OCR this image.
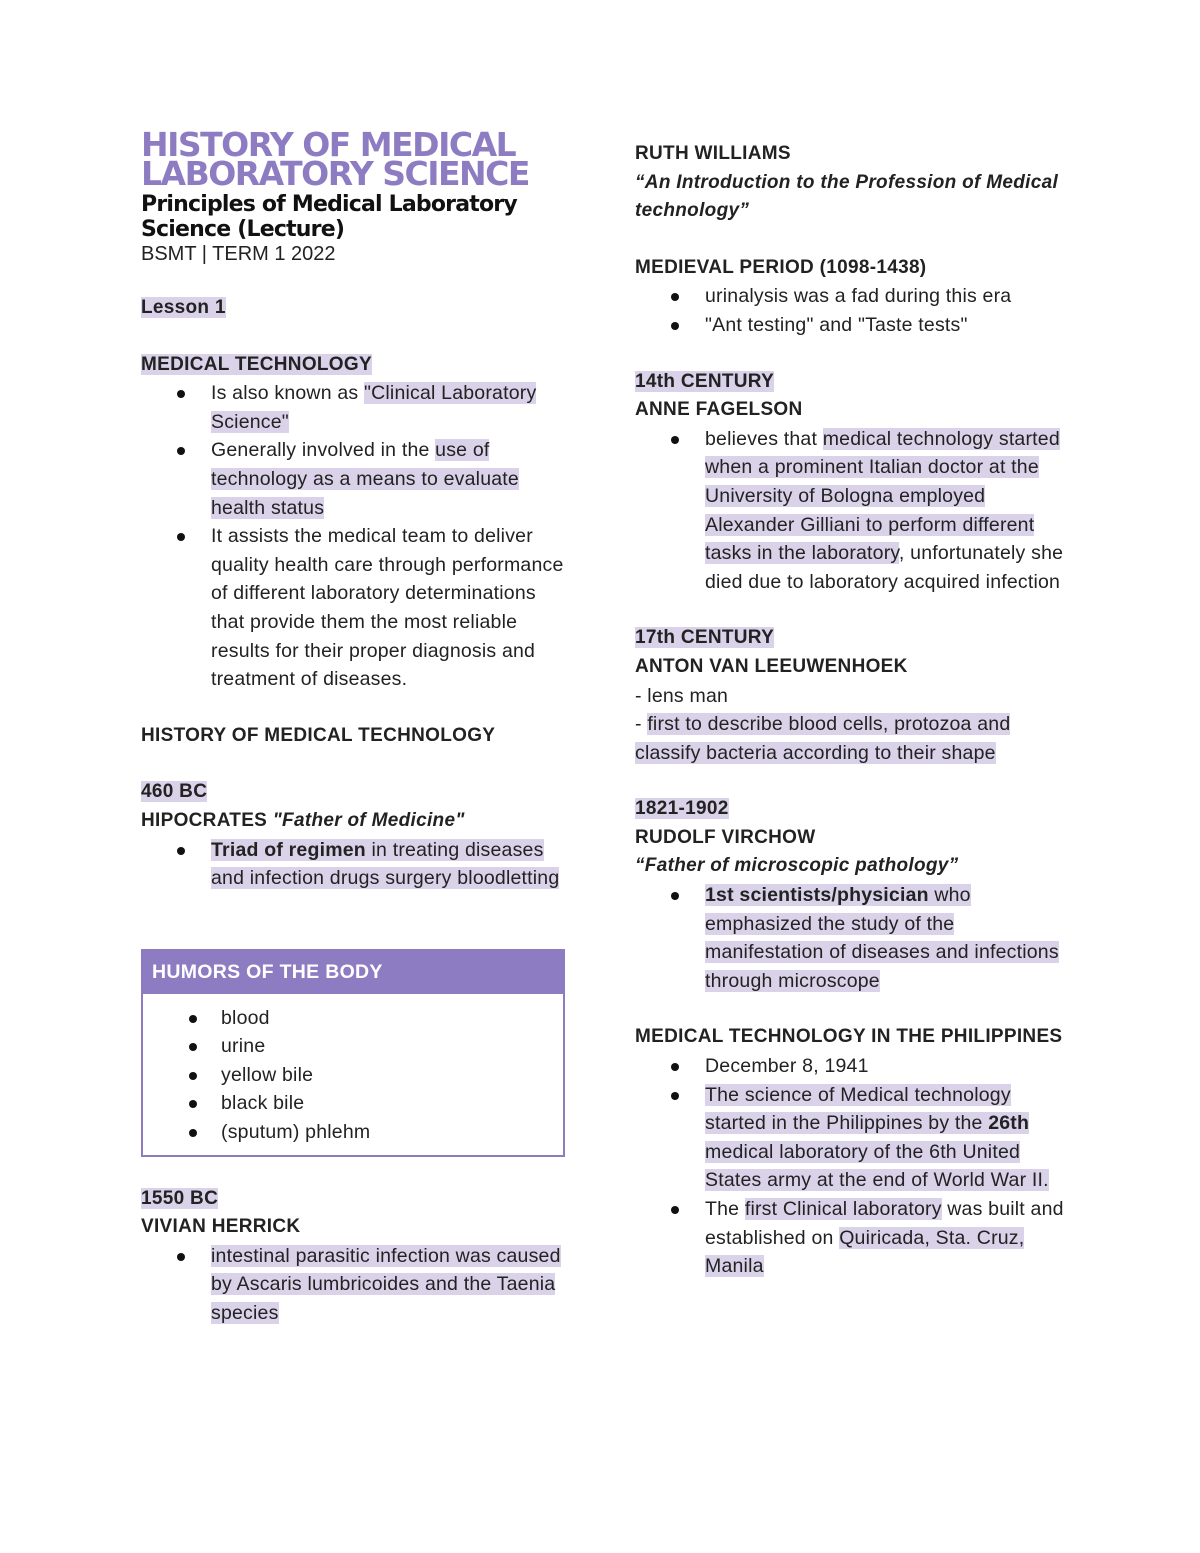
HISTORY OF MEDICAL
LABORATORY SCIENCE
Principles of Medical Laboratory
Science (Lecture)
BSMT | TERM 1 2022
Lesson 1
MEDICAL TECHNOLOGY
Is also known as "Clinical Laboratory Science"
Generally involved in the use of technology as a means to evaluate health status
It assists the medical team to deliver quality health care through performance of different laboratory determinations that provide them the most reliable results for their proper diagnosis and treatment of diseases.
HISTORY OF MEDICAL TECHNOLOGY
460 BC
HIPOCRATES "Father of Medicine"
Triad of regimen in treating diseases and infection drugs surgery bloodletting
HUMORS OF THE BODY
blood
urine
yellow bile
black bile
(sputum) phlehm
1550 BC
VIVIAN HERRICK
intestinal parasitic infection was caused by Ascaris lumbricoides and the Taenia species
RUTH WILLIAMS
“An Introduction to the Profession of Medical technology”
MEDIEVAL PERIOD (1098-1438)
urinalysis was a fad during this era
"Ant testing" and "Taste tests"
14th CENTURY
ANNE FAGELSON
believes that medical technology started when a prominent Italian doctor at the University of Bologna employed Alexander Gilliani to perform different tasks in the laboratory, unfortunately she died due to laboratory acquired infection
17th CENTURY
ANTON VAN LEEUWENHOEK
- lens man
- first to describe blood cells, protozoa and classify bacteria according to their shape
1821-1902
RUDOLF VIRCHOW
“Father of microscopic pathology”
1st scientists/physician who emphasized the study of the manifestation of diseases and infections through microscope
MEDICAL TECHNOLOGY IN THE PHILIPPINES
December 8, 1941
The science of Medical technology started in the Philippines by the 26th medical laboratory of the 6th United States army at the end of World War II.
The first Clinical laboratory was built and established on Quiricada, Sta. Cruz, Manila
